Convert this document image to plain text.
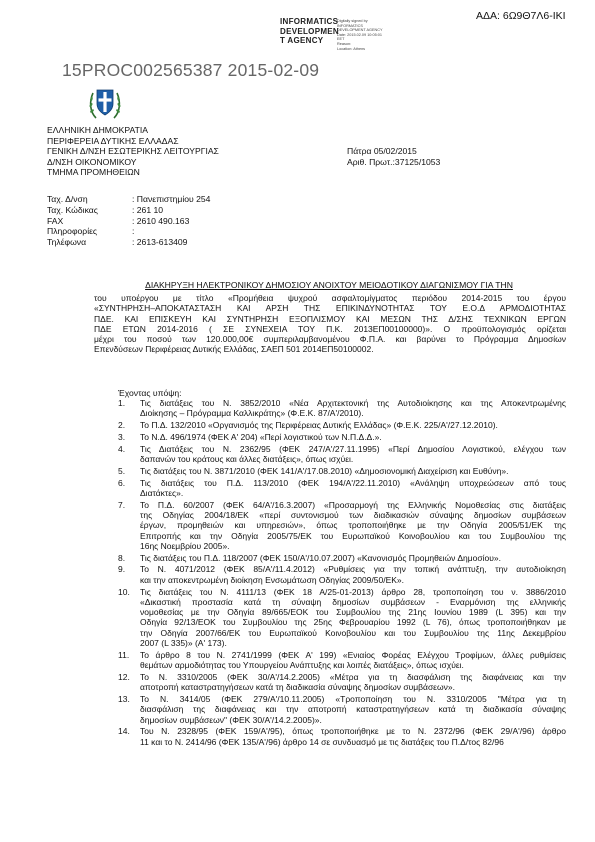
ΑΔΑ: 6Ω9Θ7Λ6-ΙΚΙ
INFORMATICS
DEVELOPMEN
T AGENCY
Digitally signed by
INFORMATICS
DEVELOPMENT AGENCY
Date: 2015.02.09 10:05:01
EET
Reason:
Location: Athens
15PROC002565387 2015-02-09
ΕΛΛΗΝΙΚΗ ΔΗΜΟΚΡΑΤΙΑ
ΠΕΡΙΦΕΡΕΙΑ ΔΥΤΙΚΗΣ ΕΛΛΑΔΑΣ
ΓΕΝΙΚΗ Δ/ΝΣΗ ΕΣΩΤΕΡΙΚΗΣ ΛΕΙΤΟΥΡΓΙΑΣ
Δ/ΝΣΗ ΟΙΚΟΝΟΜΙΚΟΥ
ΤΜΗΜΑ ΠΡΟΜΗΘΕΙΩΝ
Πάτρα 05/02/2015
Αριθ. Πρωτ.:37125/1053
Ταχ. Δ/νση	: Πανεπιστημίου 254
Ταχ. Κώδικας	: 261 10
FAX	: 2610 490.163
Πληροφορίες	:
Τηλέφωνα	: 2613-613409
ΔΙΑΚΗΡΥΞΗ ΗΛΕΚΤΡΟΝΙΚΟΥ ΔΗΜΟΣΙΟΥ ΑΝΟΙΧΤΟΥ ΜΕΙΟΔΟΤΙΚΟΥ ΔΙΑΓΩΝΙΣΜΟΥ ΓΙΑ ΤΗΝ
του υποέργου με τίτλο «Προμήθεια ψυχρού ασφαλτομίγματος περιόδου 2014-2015 του έργου
«ΣΥΝΤΗΡΗΣΗ–ΑΠΟΚΑΤΑΣΤΑΣΗ ΚΑΙ ΑΡΣΗ ΤΗΣ ΕΠΙΚΙΝΔΥΝΟΤΗΤΑΣ ΤΟΥ Ε.Ο.Δ ΑΡΜΟΔΙΟΤΗΤΑΣ
ΠΔΕ. ΚΑΙ ΕΠΙΣΚΕΥΗ ΚΑΙ ΣΥΝΤΗΡΗΣΗ ΕΞΟΠΛΙΣΜΟΥ ΚΑΙ ΜΕΣΩΝ ΤΗΣ Δ/ΣΗΣ ΤΕΧΝΙΚΩΝ ΕΡΓΩΝ
ΠΔΕ ΕΤΩΝ 2014-2016 ( ΣΕ ΣΥΝΕΧΕΙΑ ΤΟΥ Π.Κ. 2013ΕΠ00100000)». Ο προϋπολογισμός ορίζεται
μέχρι του ποσού των 120.000,00€ συμπεριλαμβανομένου Φ.Π.Α. και βαρύνει το Πρόγραμμα Δημοσίων
Επενδύσεων Περιφέρειας Δυτικής Ελλάδας, ΣΑΕΠ 501 2014ΕΠ50100002.
Έχοντας υπόψη:
1. Τις διατάξεις του Ν. 3852/2010 «Νέα Αρχιτεκτονική της Αυτοδιοίκησης και της Αποκεντρωμένης
Διοίκησης – Πρόγραμμα Καλλικράτης» (Φ.Ε.Κ. 87/Α'/2010).
2. Το Π.Δ. 132/2010 «Οργανισμός της Περιφέρειας Δυτικής Ελλάδας» (Φ.Ε.Κ. 225/Α'/27.12.2010).
3. Το Ν.Δ. 496/1974 (ΦΕΚ Α' 204) «Περί λογιστικού των Ν.Π.Δ.Δ.».
4. Τις Διατάξεις του Ν. 2362/95 (ΦΕΚ 247/Α'/27.11.1995) «Περί Δημοσίου Λογιστικού, ελέγχου των
δαπανών του κράτους και άλλες διατάξεις», όπως ισχύει.
5. Τις διατάξεις του Ν. 3871/2010 (ΦΕΚ 141/Α'/17.08.2010) «Δημοσιονομική Διαχείριση και Ευθύνη».
6. Τις διατάξεις του Π.Δ. 113/2010 (ΦΕΚ 194/Α'/22.11.2010) «Ανάληψη υποχρεώσεων από τους
Διατάκτες».
7. Το Π.Δ. 60/2007 (ΦΕΚ 64/Α'/16.3.2007) «Προσαρμογή της Ελληνικής Νομοθεσίας στις διατάξεις
της Οδηγίας 2004/18/ΕΚ «περί συντονισμού των διαδικασιών σύναψης δημοσίων συμβάσεων
έργων, προμηθειών και υπηρεσιών», όπως τροποποιήθηκε με την Οδηγία 2005/51/ΕΚ της
Επιτροπής και την Οδηγία 2005/75/ΕΚ του Ευρωπαϊκού Κοινοβουλίου και του Συμβουλίου της
16ης Νοεμβρίου 2005».
8. Τις διατάξεις του Π.Δ. 118/2007 (ΦΕΚ 150/Α'/10.07.2007) «Κανονισμός Προμηθειών Δημοσίου».
9. Το Ν. 4071/2012 (ΦΕΚ 85/Α'/11.4.2012) «Ρυθμίσεις για την τοπική ανάπτυξη, την αυτοδιοίκηση
και την αποκεντρωμένη διοίκηση Ενσωμάτωση Οδηγίας 2009/50/ΕΚ».
10. Τις διατάξεις του Ν. 4111/13 (ΦΕΚ 18 Α/25-01-2013) άρθρο 28, τροποποίηση του ν. 3886/2010
«Δικαστική προστασία κατά τη σύναψη δημοσίων συμβάσεων - Εναρμόνιση της ελληνικής
νομοθεσίας με την Οδηγία 89/665/ΕΟΚ του Συμβουλίου της 21ης Ιουνίου 1989 (L 395) και την
Οδηγία 92/13/ΕΟΚ του Συμβουλίου της 25ης Φεβρουαρίου 1992 (L 76), όπως τροποποιήθηκαν με
την Οδηγία 2007/66/ΕΚ του Ευρωπαϊκού Κοινοβουλίου και του Συμβουλίου της 11ης Δεκεμβρίου
2007 (L 335)» (Α' 173).
11. Το άρθρο 8 του Ν. 2741/1999 (ΦΕΚ Α' 199) «Ενιαίος Φορέας Ελέγχου Τροφίμων, άλλες ρυθμίσεις
θεμάτων αρμοδιότητας του Υπουργείου Ανάπτυξης και λοιπές διατάξεις», όπως ισχύει.
12. Το Ν. 3310/2005 (ΦΕΚ 30/Α'/14.2.2005) «Μέτρα για τη διασφάλιση της διαφάνειας και την
αποτροπή καταστρατηγήσεων κατά τη διαδικασία σύναψης δημοσίων συμβάσεων».
13. Το Ν. 3414/05 (ΦΕΚ 279/Α'/10.11.2005) «Τροποποίηση του Ν. 3310/2005 "Μέτρα για τη
διασφάλιση της διαφάνειας και την αποτροπή καταστρατηγήσεων κατά τη διαδικασία σύναψης
δημοσίων συμβάσεων" (ΦΕΚ 30/Α'/14.2.2005)».
14. Του Ν. 2328/95 (ΦΕΚ 159/Α'/95), όπως τροποποιήθηκε με το Ν. 2372/96 (ΦΕΚ 29/Α'/96) άρθρο
11 και το Ν. 2414/96 (ΦΕΚ 135/Α'/96) άρθρο 14 σε συνδυασμό με τις διατάξεις του Π.Δ/τος 82/96
